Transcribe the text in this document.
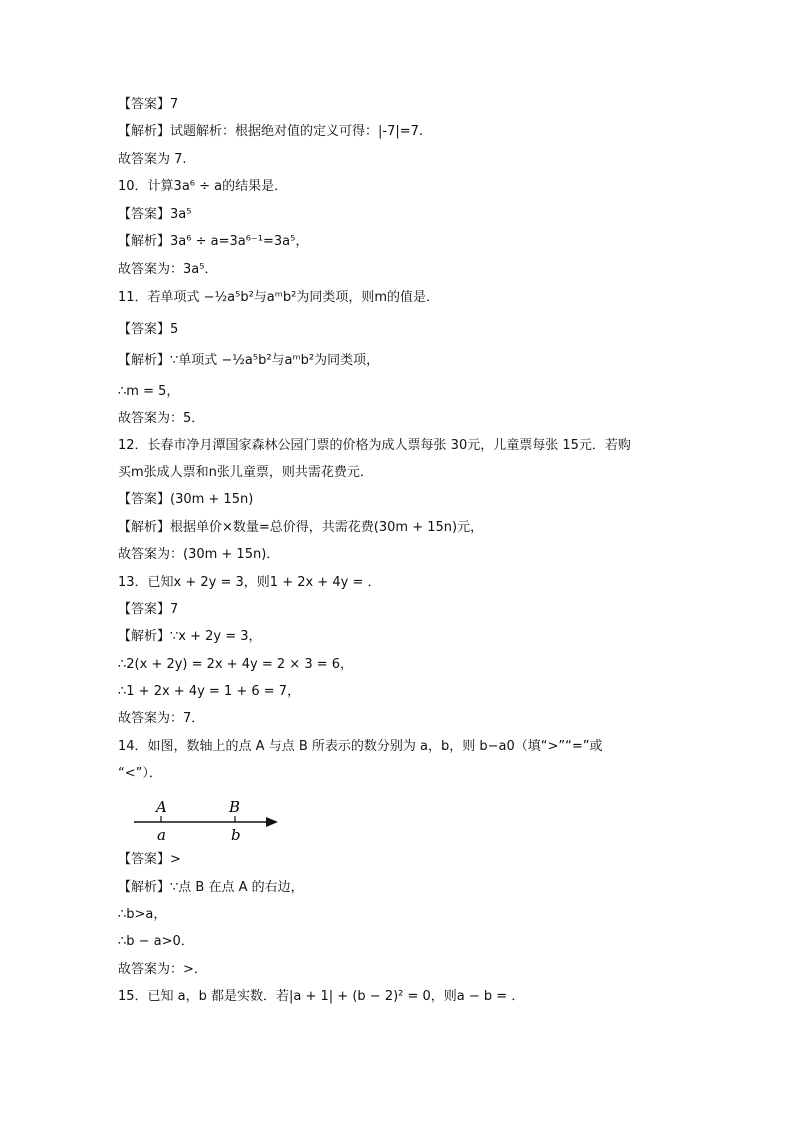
【答案】7
【解析】试题解析：根据绝对值的定义可得：|-7|=7.
故答案为 7.
10．计算3a⁶ ÷ a的结果是．
【答案】3a⁵
【解析】3a⁶ ÷ a=3a⁶⁻¹=3a⁵，
故答案为：3a⁵．
11．若单项式 −½a⁵b²与aᵐb²为同类项，则m的值是．
【答案】5
【解析】∵单项式 −½a⁵b²与aᵐb²为同类项，
∴m = 5，
故答案为：5．
12．长春市净月潭国家森林公园门票的价格为成人票每张 30元，儿童票每张 15元．若购
买m张成人票和n张儿童票，则共需花费元．
【答案】(30m + 15n)
【解析】根据单价×数量=总价得，共需花费(30m + 15n)元，
故答案为：(30m + 15n)．
13．已知x + 2y = 3，则1 + 2x + 4y = ．
【答案】7
【解析】∵x + 2y = 3，
∴2(x + 2y) = 2x + 4y = 2 × 3 = 6，
∴1 + 2x + 4y = 1 + 6 = 7，
故答案为：7．
14．如图，数轴上的点 A 与点 B 所表示的数分别为 a，b，则 b−a0（填“>”“=”或
“<”）．
A	B
a	b
【答案】>
【解析】∵点 B 在点 A 的右边，
∴b>a，
∴b − a>0．
故答案为：>．
15．已知 a，b 都是实数．若|a + 1| + (b − 2)² = 0，则a − b = ．
